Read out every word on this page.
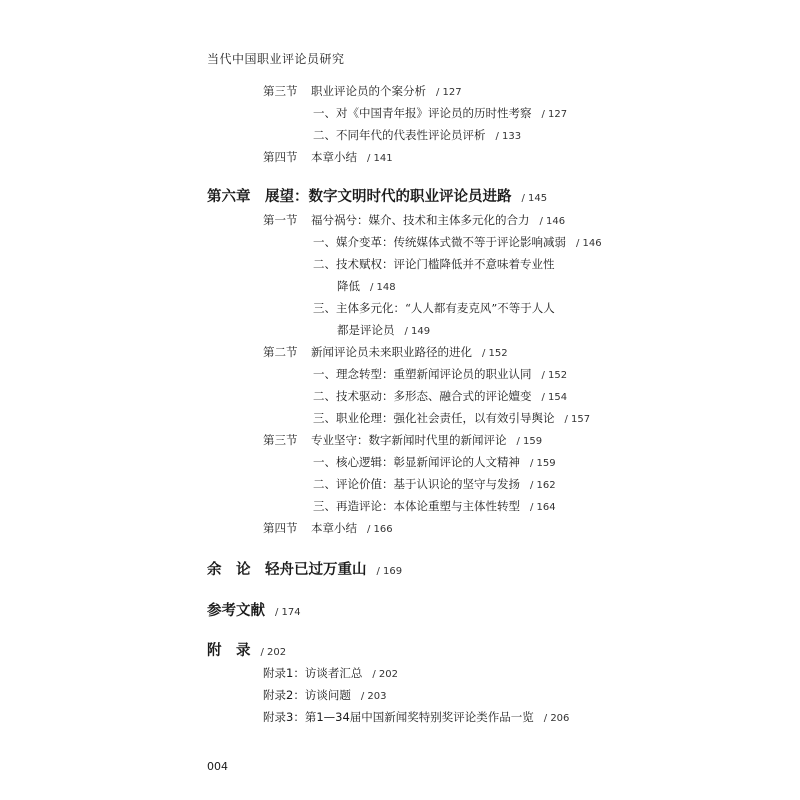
当代中国职业评论员研究
第三节 职业评论员的个案分析 / 127
一、对《中国青年报》评论员的历时性考察 / 127
二、不同年代的代表性评论员评析 / 133
第四节 本章小结 / 141
第六章　展望：数字文明时代的职业评论员进路 / 145
第一节 福兮祸兮：媒介、技术和主体多元化的合力 / 146
一、媒介变革：传统媒体式微不等于评论影响减弱 / 146
二、技术赋权：评论门槛降低并不意味着专业性
降低 / 148
三、主体多元化：“人人都有麦克风”不等于人人
都是评论员 / 149
第二节 新闻评论员未来职业路径的进化 / 152
一、理念转型：重塑新闻评论员的职业认同 / 152
二、技术驱动：多形态、融合式的评论嬗变 / 154
三、职业伦理：强化社会责任，以有效引导舆论 / 157
第三节 专业坚守：数字新闻时代里的新闻评论 / 159
一、核心逻辑：彰显新闻评论的人文精神 / 159
二、评论价值：基于认识论的坚守与发扬 / 162
三、再造评论：本体论重塑与主体性转型 / 164
第四节 本章小结 / 166
余　论　轻舟已过万重山 / 169
参考文献 / 174
附　录 / 202
附录1：访谈者汇总 / 202
附录2：访谈问题 / 203
附录3：第1—34届中国新闻奖特别奖评论类作品一览 / 206
004
